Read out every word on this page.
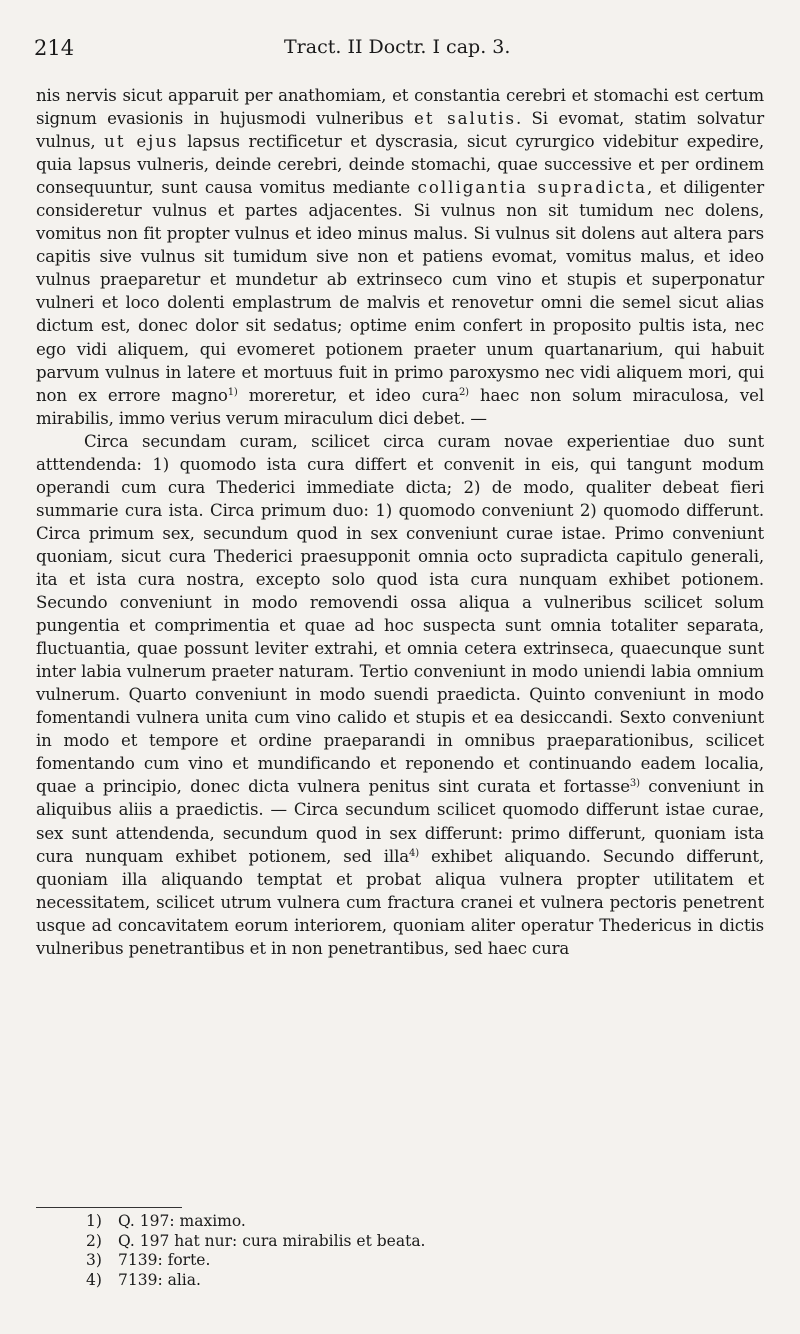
214	Tract. II Doctr. I cap. 3.

nis nervis sicut apparuit per anathomiam, et constantia cerebri et stomachi est certum signum evasionis in hujusmodi vulneribus et salutis. Si evomat, statim solvatur vulnus, ut ejus lapsus rectificetur et dyscrasia, sicut cyrurgico videbitur expedire, quia lapsus vulneris, deinde cerebri, deinde stomachi, quae successive et per ordinem consequuntur, sunt causa vomitus mediante colligantia supradicta, et diligenter consideretur vulnus et partes adjacentes. Si vulnus non sit tumidum nec dolens, vomitus non fit propter vulnus et ideo minus malus. Si vulnus sit dolens aut altera pars capitis sive vulnus sit tumidum sive non et patiens evomat, vomitus malus, et ideo vulnus praeparetur et mundetur ab extrinseco cum vino et stupis et superponatur vulneri et loco dolenti emplastrum de malvis et renovetur omni die semel sicut alias dictum est, donec dolor sit sedatus; optime enim confert in proposito pultis ista, nec ego vidi aliquem, qui evomeret potionem praeter unum quartanarium, qui habuit parvum vulnus in latere et mortuus fuit in primo paroxysmo nec vidi aliquem mori, qui non ex errore magno$^{1)}$ moreretur, et ideo cura$^{2)}$ haec non solum miraculosa, vel mirabilis, immo verius verum miraculum dici debet. —

Circa secundam curam, scilicet circa curam novae experientiae duo sunt atttendenda: 1) quomodo ista cura differt et convenit in eis, qui tangunt modum operandi cum cura Thederici immediate dicta; 2) de modo, qualiter debeat fieri summarie cura ista. Circa primum duo: 1) quomodo conveniunt 2) quomodo differunt. Circa primum sex, secundum quod in sex conveniunt curae istae. Primo conveniunt quoniam, sicut cura Thederici praesupponit omnia octo supradicta capitulo generali, ita et ista cura nostra, excepto solo quod ista cura nunquam exhibet potionem. Secundo conveniunt in modo removendi ossa aliqua a vulneribus scilicet solum pungentia et comprimentia et quae ad hoc suspecta sunt omnia totaliter separata, fluctuantia, quae possunt leviter extrahi, et omnia cetera extrinseca, quaecunque sunt inter labia vulnerum praeter naturam. Tertio conveniunt in modo uniendi labia omnium vulnerum. Quarto conveniunt in modo suendi praedicta. Quinto conveniunt in modo fomentandi vulnera unita cum vino calido et stupis et ea desiccandi. Sexto conveniunt in modo et tempore et ordine praeparandi in omnibus praeparationibus, scilicet fomentando cum vino et mundificando et reponendo et continuando eadem localia, quae a principio, donec dicta vulnera penitus sint curata et fortasse$^{3)}$ conveniunt in aliquibus aliis a praedictis. — Circa secundum scilicet quomodo differunt istae curae, sex sunt attendenda, secundum quod in sex differunt: primo differunt, quoniam ista cura nunquam exhibet potionem, sed illa$^{4)}$ exhibet aliquando. Secundo differunt, quoniam illa aliquando temptat et probat aliqua vulnera propter utilitatem et necessitatem, scilicet utrum vulnera cum fractura cranei et vulnera pectoris penetrent usque ad concavitatem eorum interiorem, quoniam aliter operatur Thedericus in dictis vulneribus penetrantibus et in non penetrantibus, sed haec cura

1) Q. 197: maximo.
2) Q. 197 hat nur: cura mirabilis et beata.
3) 7139: forte.
4) 7139: alia.
